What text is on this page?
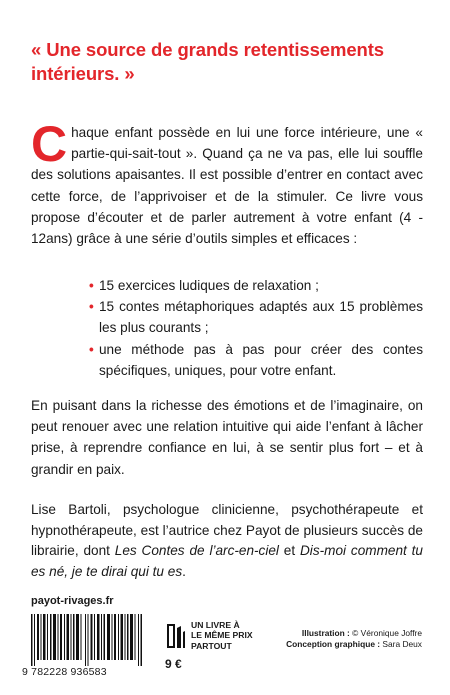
« Une source de grands retentissements intérieurs. »
Chaque enfant possède en lui une force intérieure, une « partie-qui-sait-tout ». Quand ça ne va pas, elle lui souffle des solutions apaisantes. Il est possible d’entrer en contact avec cette force, de l’apprivoiser et de la stimuler. Ce livre vous propose d’écouter et de parler autrement à votre enfant (4 - 12ans) grâce à une série d’outils simples et efficaces :
• 15 exercices ludiques de relaxation ;
• 15 contes métaphoriques adaptés aux 15 problèmes les plus courants ;
• une méthode pas à pas pour créer des contes spécifiques, uniques, pour votre enfant.
En puisant dans la richesse des émotions et de l’imaginaire, on peut renouer avec une relation intuitive qui aide l’enfant à lâcher prise, à reprendre confiance en lui, à se sentir plus fort – et à grandir en paix.
Lise Bartoli, psychologue clinicienne, psychothérapeute et hypnothérapeute, est l’autrice chez Payot de plusieurs succès de librairie, dont Les Contes de l’arc-en-ciel et Dis-moi comment tu es né, je te dirai qui tu es.
payot-rivages.fr
9 782228 936583
UN LIVRE À
LE MÊME PRIX
PARTOUT
9 €
Illustration : © Véronique Joffre
Conception graphique : Sara Deux
